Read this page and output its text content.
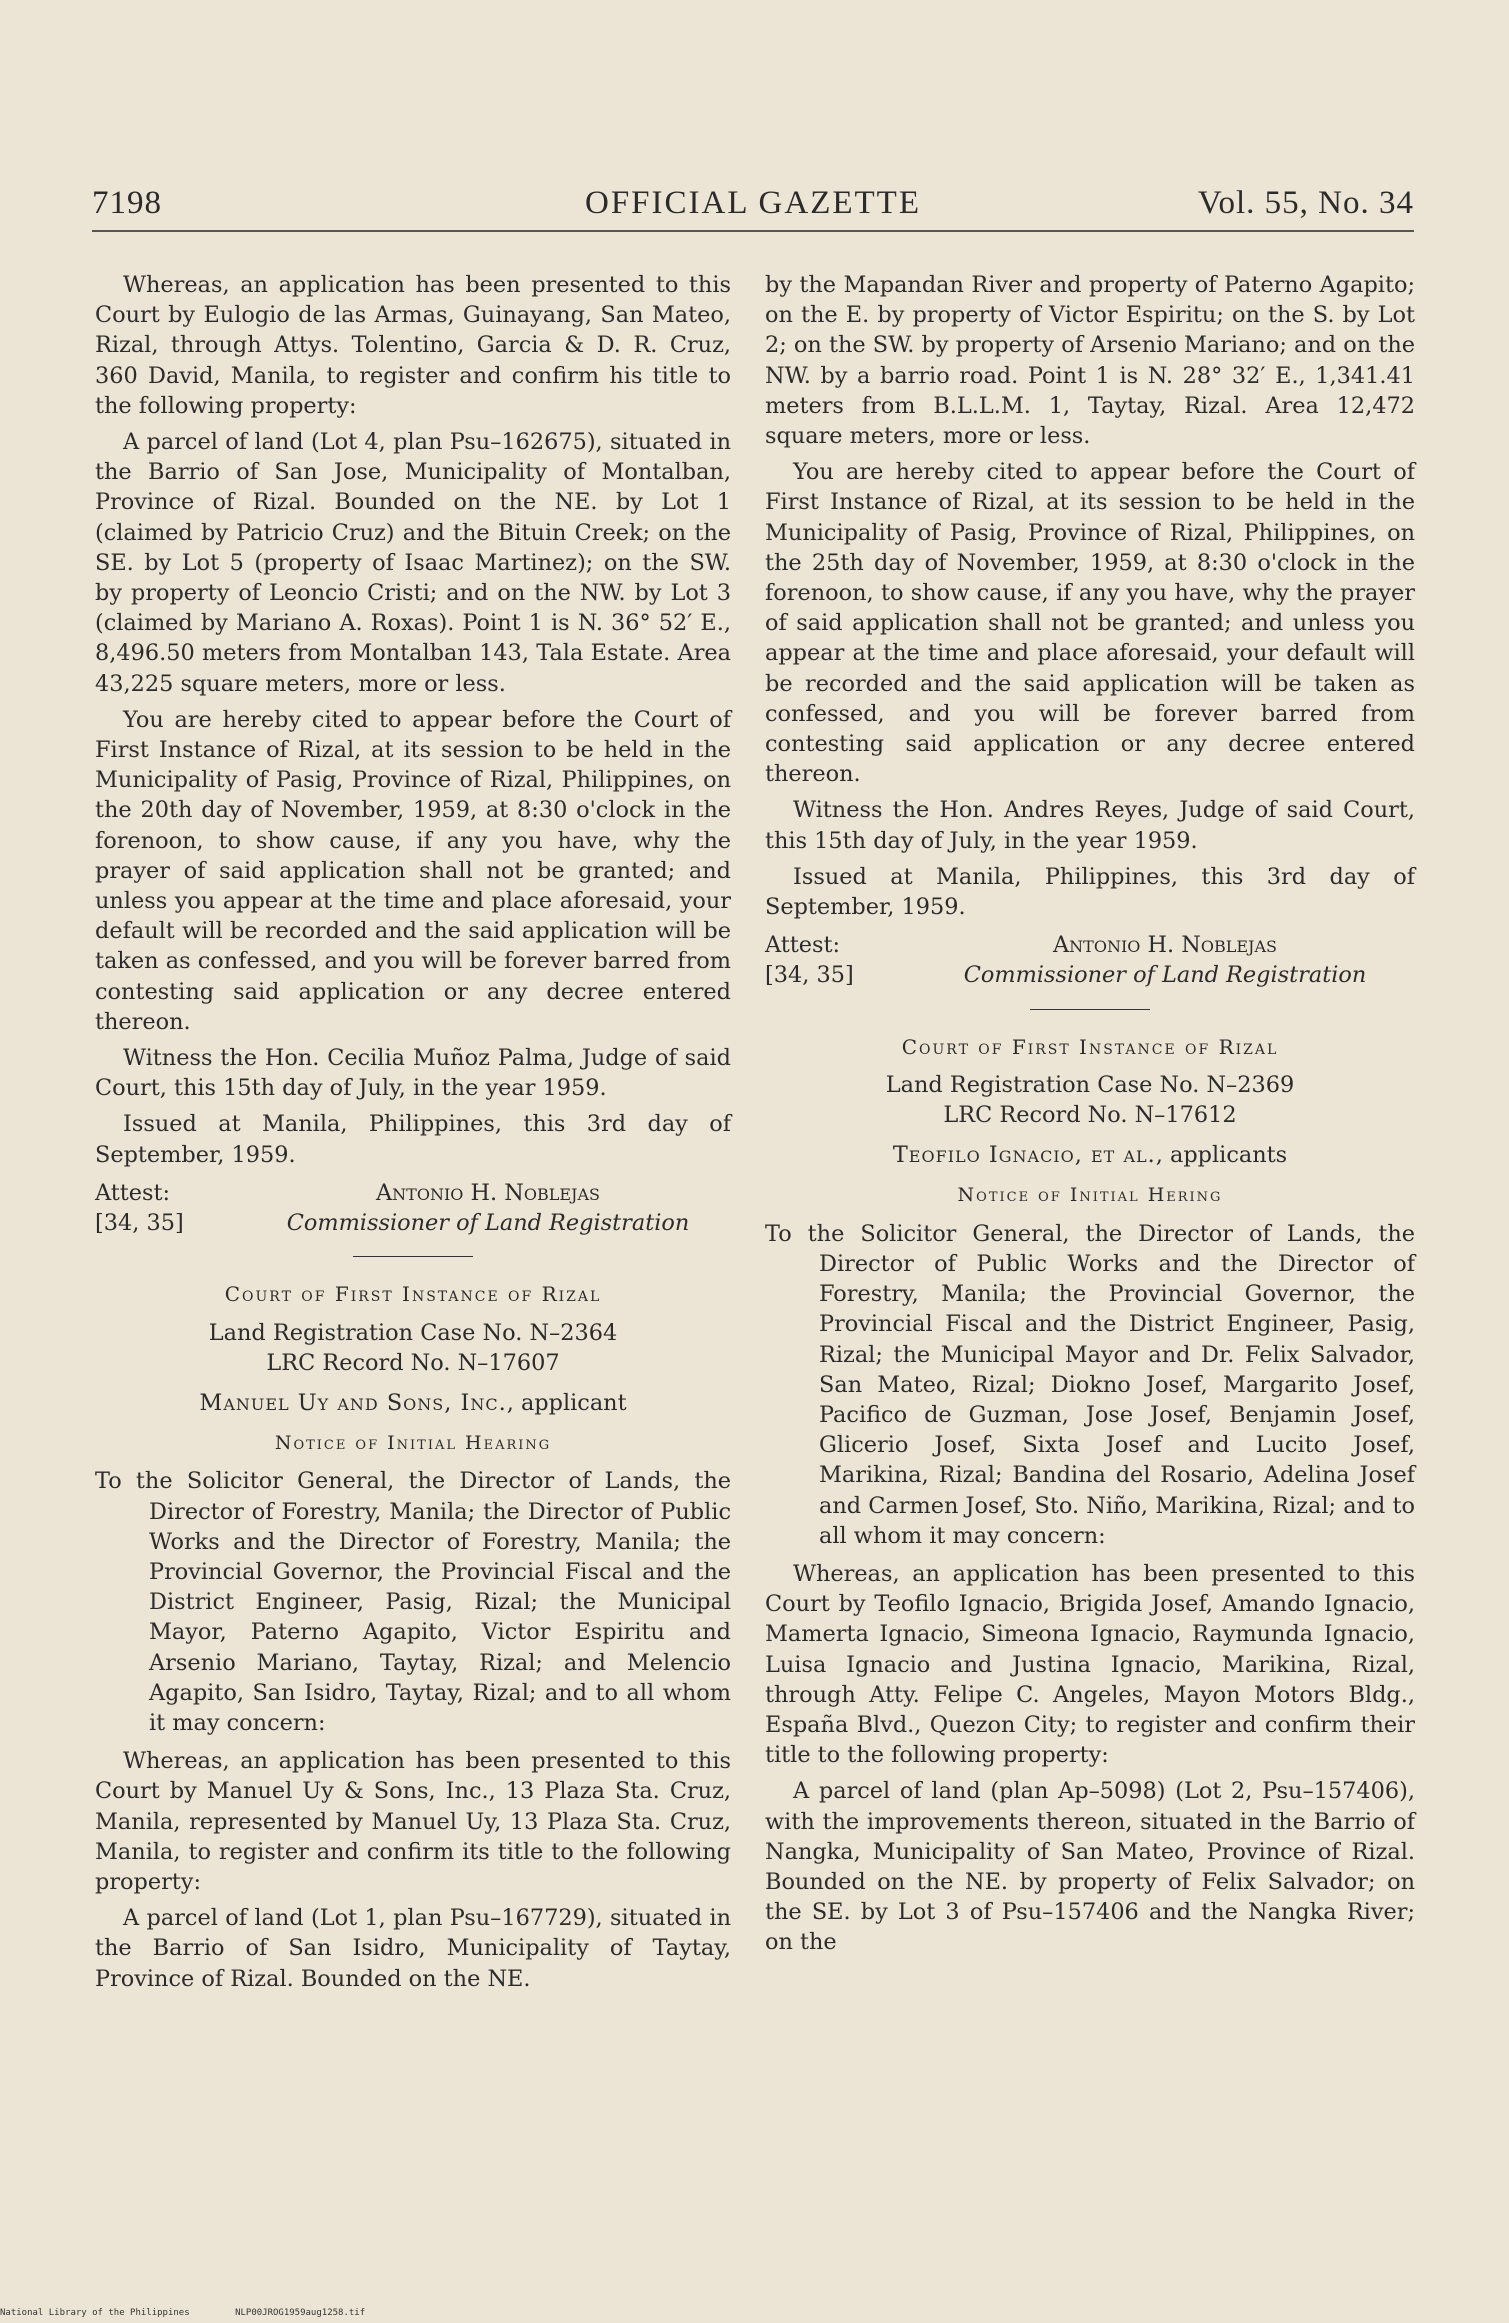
7198	OFFICIAL GAZETTE	Vol. 55, No. 34

Whereas, an application has been presented to this Court by Eulogio de las Armas, Guinayang, San Mateo, Rizal, through Attys. Tolentino, Garcia & D. R. Cruz, 360 David, Manila, to register and confirm his title to the following property:

A parcel of land (Lot 4, plan Psu–162675), situated in the Barrio of San Jose, Municipality of Montalban, Province of Rizal. Bounded on the NE. by Lot 1 (claimed by Patricio Cruz) and the Bituin Creek; on the SE. by Lot 5 (property of Isaac Martinez); on the SW. by property of Leoncio Cristi; and on the NW. by Lot 3 (claimed by Mariano A. Roxas). Point 1 is N. 36° 52′ E., 8,496.50 meters from Montalban 143, Tala Estate. Area 43,225 square meters, more or less.

You are hereby cited to appear before the Court of First Instance of Rizal, at its session to be held in the Municipality of Pasig, Province of Rizal, Philippines, on the 20th day of November, 1959, at 8:30 o'clock in the forenoon, to show cause, if any you have, why the prayer of said application shall not be granted; and unless you appear at the time and place aforesaid, your default will be recorded and the said application will be taken as confessed, and you will be forever barred from contesting said application or any decree entered thereon.

Witness the Hon. Cecilia Muñoz Palma, Judge of said Court, this 15th day of July, in the year 1959.

Issued at Manila, Philippines, this 3rd day of September, 1959.

Attest:	Antonio H. Noblejas
[34, 35]	Commissioner of Land Registration
Court of First Instance of Rizal

Land Registration Case No. N–2364

LRC Record No. N–17607

Manuel Uy and Sons, Inc., applicant

Notice of Initial Hearing

To the Solicitor General, the Director of Lands, the Director of Forestry, Manila; the Director of Public Works and the Director of Forestry, Manila; the Provincial Governor, the Provincial Fiscal and the District Engineer, Pasig, Rizal; the Municipal Mayor, Paterno Agapito, Victor Espiritu and Arsenio Mariano, Taytay, Rizal; and Melencio Agapito, San Isidro, Taytay, Rizal; and to all whom it may concern:

Whereas, an application has been presented to this Court by Manuel Uy & Sons, Inc., 13 Plaza Sta. Cruz, Manila, represented by Manuel Uy, 13 Plaza Sta. Cruz, Manila, to register and confirm its title to the following property:

A parcel of land (Lot 1, plan Psu–167729), situated in the Barrio of San Isidro, Municipality of Taytay, Province of Rizal. Bounded on the NE.

by the Mapandan River and property of Paterno Agapito; on the E. by property of Victor Espiritu; on the S. by Lot 2; on the SW. by property of Arsenio Mariano; and on the NW. by a barrio road. Point 1 is N. 28° 32′ E., 1,341.41 meters from B.L.L.M. 1, Taytay, Rizal. Area 12,472 square meters, more or less.

You are hereby cited to appear before the Court of First Instance of Rizal, at its session to be held in the Municipality of Pasig, Province of Rizal, Philippines, on the 25th day of November, 1959, at 8:30 o'clock in the forenoon, to show cause, if any you have, why the prayer of said application shall not be granted; and unless you appear at the time and place aforesaid, your default will be recorded and the said application will be taken as confessed, and you will be forever barred from contesting said application or any decree entered thereon.

Witness the Hon. Andres Reyes, Judge of said Court, this 15th day of July, in the year 1959.

Issued at Manila, Philippines, this 3rd day of September, 1959.

Attest:	Antonio H. Noblejas
[34, 35]	Commissioner of Land Registration
Court of First Instance of Rizal

Land Registration Case No. N–2369

LRC Record No. N–17612

Teofilo Ignacio, et al., applicants

Notice of Initial Hering

To the Solicitor General, the Director of Lands, the Director of Public Works and the Director of Forestry, Manila; the Provincial Governor, the Provincial Fiscal and the District Engineer, Pasig, Rizal; the Municipal Mayor and Dr. Felix Salvador, San Mateo, Rizal; Diokno Josef, Margarito Josef, Pacifico de Guzman, Jose Josef, Benjamin Josef, Glicerio Josef, Sixta Josef and Lucito Josef, Marikina, Rizal; Bandina del Rosario, Adelina Josef and Carmen Josef, Sto. Niño, Marikina, Rizal; and to all whom it may concern:

Whereas, an application has been presented to this Court by Teofilo Ignacio, Brigida Josef, Amando Ignacio, Mamerta Ignacio, Simeona Ignacio, Raymunda Ignacio, Luisa Ignacio and Justina Ignacio, Marikina, Rizal, through Atty. Felipe C. Angeles, Mayon Motors Bldg., España Blvd., Quezon City; to register and confirm their title to the following property:

A parcel of land (plan Ap–5098) (Lot 2, Psu–157406), with the improvements thereon, situated in the Barrio of Nangka, Municipality of San Mateo, Province of Rizal. Bounded on the NE. by property of Felix Salvador; on the SE. by Lot 3 of Psu–157406 and the Nangka River; on the

National Library of the Philippines	NLP00JROG1959aug1258.tif
